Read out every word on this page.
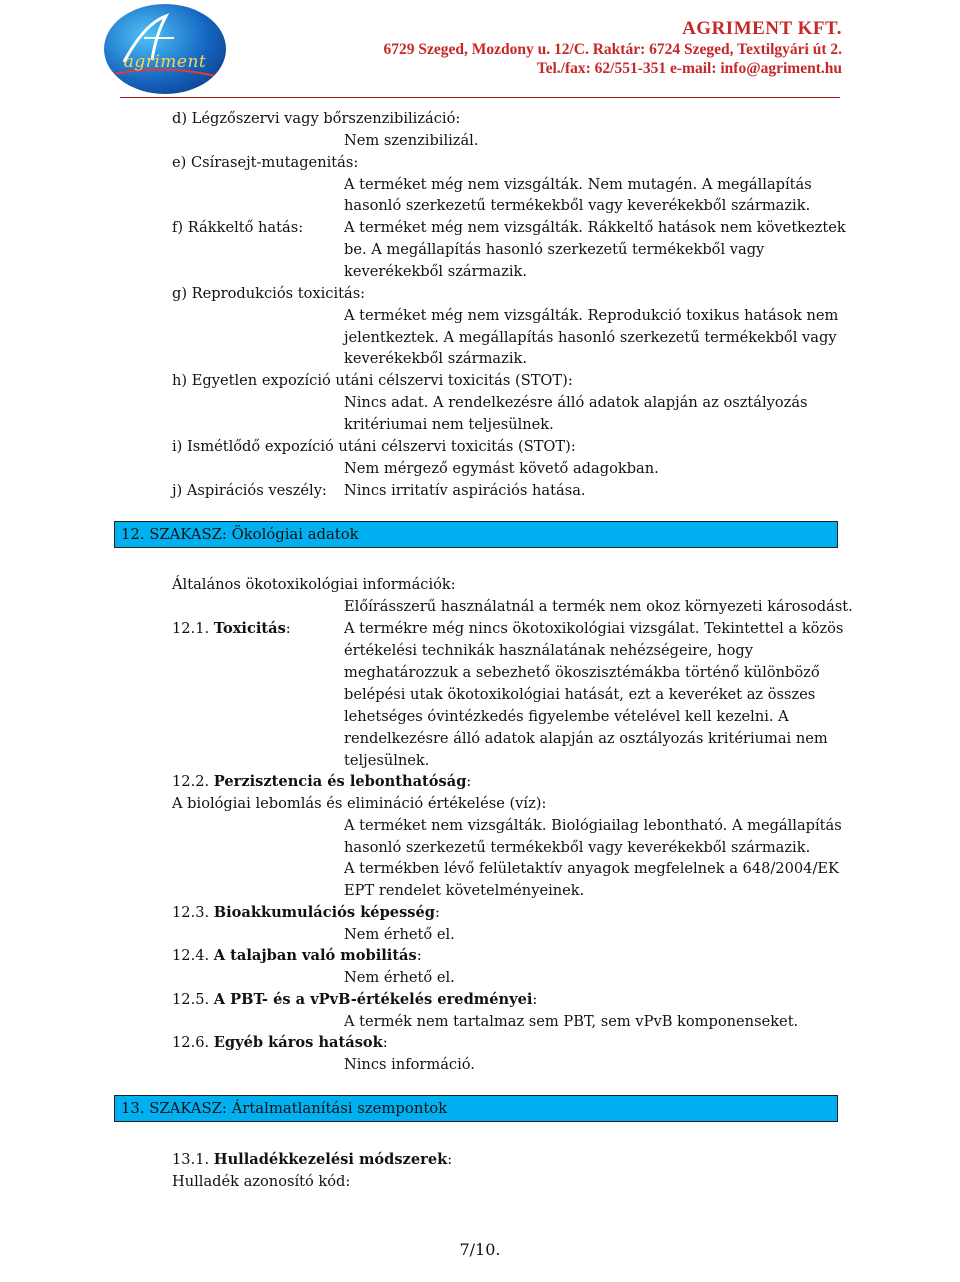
agriment
AGRIMENT KFT.
6729 Szeged, Mozdony u. 12/C. Raktár: 6724 Szeged, Textilgyári út 2.
Tel./fax: 62/551-351 e-mail: info@agriment.hu
d) Légzőszervi vagy bőrszenzibilizáció:
Nem szenzibilizál.
e) Csírasejt-mutagenitás:
A terméket még nem vizsgálták. Nem mutagén. A megállapítás
hasonló szerkezetű termékekből vagy keverékekből származik.
f) Rákkeltő hatás:	A terméket még nem vizsgálták. Rákkeltő hatások nem következtek
be. A megállapítás hasonló szerkezetű termékekből vagy
keverékekből származik.
g) Reprodukciós toxicitás:
A terméket még nem vizsgálták. Reprodukció toxikus hatások nem
jelentkeztek. A megállapítás hasonló szerkezetű termékekből vagy
keverékekből származik.
h) Egyetlen expozíció utáni célszervi toxicitás (STOT):
Nincs adat. A rendelkezésre álló adatok alapján az osztályozás
kritériumai nem teljesülnek.
i) Ismétlődő expozíció utáni célszervi toxicitás (STOT):
Nem mérgező egymást követő adagokban.
j) Aspirációs veszély: Nincs irritatív aspirációs hatása.
12. SZAKASZ: Ökológiai adatok
Általános ökotoxikológiai információk:
Előírásszerű használatnál a termék nem okoz környezeti károsodást.
12.1. Toxicitás:	A termékre még nincs ökotoxikológiai vizsgálat. Tekintettel a közös
értékelési technikák használatának nehézségeire, hogy
meghatározzuk a sebezhető ökoszisztémákba történő különböző
belépési utak ökotoxikológiai hatását, ezt a keveréket az összes
lehetséges óvintézkedés figyelembe vételével kell kezelni. A
rendelkezésre álló adatok alapján az osztályozás kritériumai nem
teljesülnek.
12.2. Perzisztencia és lebonthatóság:
A biológiai lebomlás és elimináció értékelése (víz):
A terméket nem vizsgálták. Biológiailag lebontható. A megállapítás
hasonló szerkezetű termékekből vagy keverékekből származik.
A termékben lévő felületaktív anyagok megfelelnek a 648/2004/EK
EPT rendelet követelményeinek.
12.3. Bioakkumulációs képesség:
Nem érhető el.
12.4. A talajban való mobilitás:
Nem érhető el.
12.5. A PBT- és a vPvB-értékelés eredményei:
A termék nem tartalmaz sem PBT, sem vPvB komponenseket.
12.6. Egyéb káros hatások:
Nincs információ.
13. SZAKASZ: Ártalmatlanítási szempontok
13.1. Hulladékkezelési módszerek:
Hulladék azonosító kód:
7/10.
